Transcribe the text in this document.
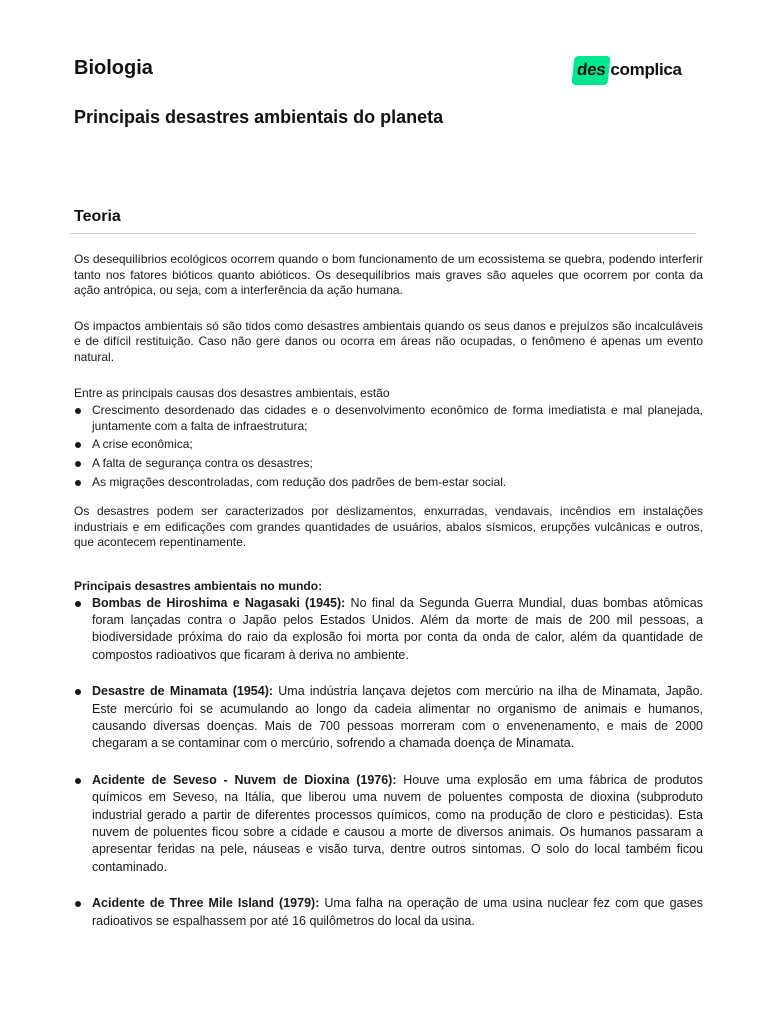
Biologia	des complica
Principais desastres ambientais do planeta
Teoria

Os desequilíbrios ecológicos ocorrem quando o bom funcionamento de um ecossistema se quebra, podendo interferir tanto nos fatores bióticos quanto abióticos. Os desequilíbrios mais graves são aqueles que ocorrem por conta da ação antrópica, ou seja, com a interferência da ação humana.

Os impactos ambientais só são tidos como desastres ambientais quando os seus danos e prejuízos são incalculáveis e de difícil restituição. Caso não gere danos ou ocorra em áreas não ocupadas, o fenômeno é apenas um evento natural.

Entre as principais causas dos desastres ambientais, estão

Crescimento desordenado das cidades e o desenvolvimento econômico de forma imediatista e mal planejada, juntamente com a falta de infraestrutura;
A crise econômica;
A falta de segurança contra os desastres;
As migrações descontroladas, com redução dos padrões de bem-estar social.

Os desastres podem ser caracterizados por deslizamentos, enxurradas, vendavais, incêndios em instalações industriais e em edificações com grandes quantidades de usuários, abalos sísmicos, erupções vulcânicas e outros, que acontecem repentinamente.

Principais desastres ambientais no mundo:

Bombas de Hiroshima e Nagasaki (1945): No final da Segunda Guerra Mundial, duas bombas atômicas foram lançadas contra o Japão pelos Estados Unidos. Além da morte de mais de 200 mil pessoas, a biodiversidade próxima do raio da explosão foi morta por conta da onda de calor, além da quantidade de compostos radioativos que ficaram à deriva no ambiente.
Desastre de Minamata (1954): Uma indústria lançava dejetos com mercúrio na ilha de Minamata, Japão. Este mercúrio foi se acumulando ao longo da cadeia alimentar no organismo de animais e humanos, causando diversas doenças. Mais de 700 pessoas morreram com o envenenamento, e mais de 2000 chegaram a se contaminar com o mercúrio, sofrendo a chamada doença de Minamata.
Acidente de Seveso - Nuvem de Dioxina (1976): Houve uma explosão em uma fábrica de produtos químicos em Seveso, na Itália, que liberou uma nuvem de poluentes composta de dioxina (subproduto industrial gerado a partir de diferentes processos químicos, como na produção de cloro e pesticidas). Esta nuvem de poluentes ficou sobre a cidade e causou a morte de diversos animais. Os humanos passaram a apresentar feridas na pele, náuseas e visão turva, dentre outros sintomas. O solo do local também ficou contaminado.
Acidente de Three Mile Island (1979): Uma falha na operação de uma usina nuclear fez com que gases radioativos se espalhassem por até 16 quilômetros do local da usina.
